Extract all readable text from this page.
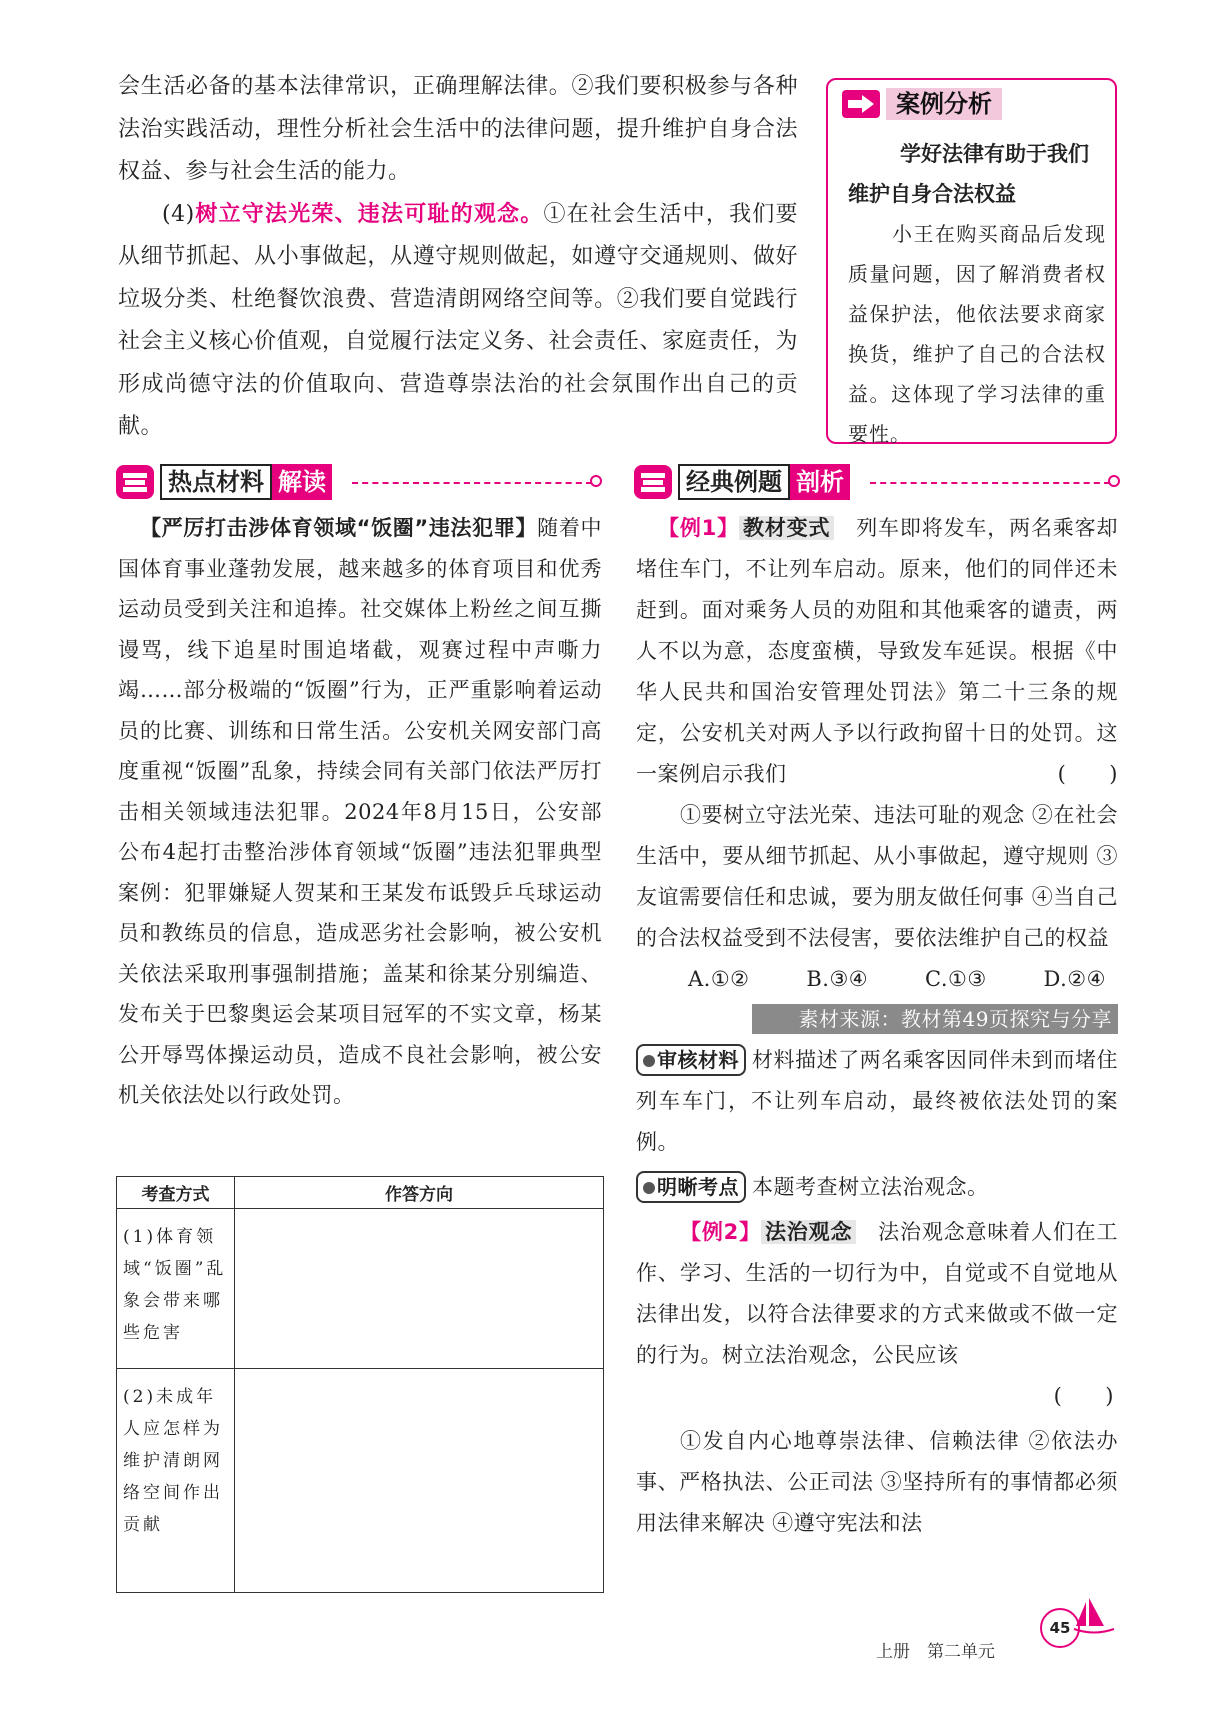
会生活必备的基本法律常识，正确理解法律。②我们要积极参与各种法治实践活动，理性分析社会生活中的法律问题，提升维护自身合法权益、参与社会生活的能力。

(4)树立守法光荣、违法可耻的观念。①在社会生活中，我们要从细节抓起、从小事做起，从遵守规则做起，如遵守交通规则、做好垃圾分类、杜绝餐饮浪费、营造清朗网络空间等。②我们要自觉践行社会主义核心价值观，自觉履行法定义务、社会责任、家庭责任，为形成尚德守法的价值取向、营造尊崇法治的社会氛围作出自己的贡献。

案例分析
学好法律有助于我们维护自身合法权益
小王在购买商品后发现质量问题，因了解消费者权益保护法，他依法要求商家换货，维护了自己的合法权益。这体现了学习法律的重要性。
热点材料 解读	经典例题 剖析

【严厉打击涉体育领域“饭圈”违法犯罪】随着中国体育事业蓬勃发展，越来越多的体育项目和优秀运动员受到关注和追捧。社交媒体上粉丝之间互撕谩骂，线下追星时围追堵截，观赛过程中声嘶力竭……部分极端的“饭圈”行为，正严重影响着运动员的比赛、训练和日常生活。公安机关网安部门高度重视“饭圈”乱象，持续会同有关部门依法严厉打击相关领域违法犯罪。2024年8月15日，公安部公布4起打击整治涉体育领域“饭圈”违法犯罪典型案例：犯罪嫌疑人贺某和王某发布诋毁乒乓球运动员和教练员的信息，造成恶劣社会影响，被公安机关依法采取刑事强制措施；盖某和徐某分别编造、发布关于巴黎奥运会某项目冠军的不实文章，杨某公开辱骂体操运动员，造成不良社会影响，被公安机关依法处以行政处罚。

考查方式	作答方向
(1)体育领域“饭圈”乱象会带来哪些危害	
(2)未成年人应怎样为维护清朗网络空间作出贡献	

【例1】 教材变式　 列车即将发车，两名乘客却堵住车门，不让列车启动。原来，他们的同伴还未赶到。面对乘务人员的劝阻和其他乘客的谴责，两人不以为意，态度蛮横，导致发车延误。根据《中华人民共和国治安管理处罚法》第二十三条的规定，公安机关对两人予以行政拘留十日的处罚。这一案例启示我们	(　　)

①要树立守法光荣、违法可耻的观念 ②在社会生活中，要从细节抓起、从小事做起，遵守规则 ③友谊需要信任和忠诚，要为朋友做任何事 ④当自己的合法权益受到不法侵害，要依法维护自己的权益

A.①②	B.③④	C.①③	D.②④
素材来源：教材第49页探究与分享

审核材料 材料描述了两名乘客因同伴未到而堵住列车车门，不让列车启动，最终被依法处罚的案例。

明晰考点 本题考查树立法治观念。

【例2】 法治观念　 法治观念意味着人们在工作、学习、生活的一切行为中，自觉或不自觉地从法律出发，以符合法律要求的方式来做或不做一定的行为。树立法治观念，公民应该

(　　)

①发自内心地尊崇法律、信赖法律 ②依法办事、严格执法、公正司法 ③坚持所有的事情都必须用法律来解决 ④遵守宪法和法

上册　第二单元
45
